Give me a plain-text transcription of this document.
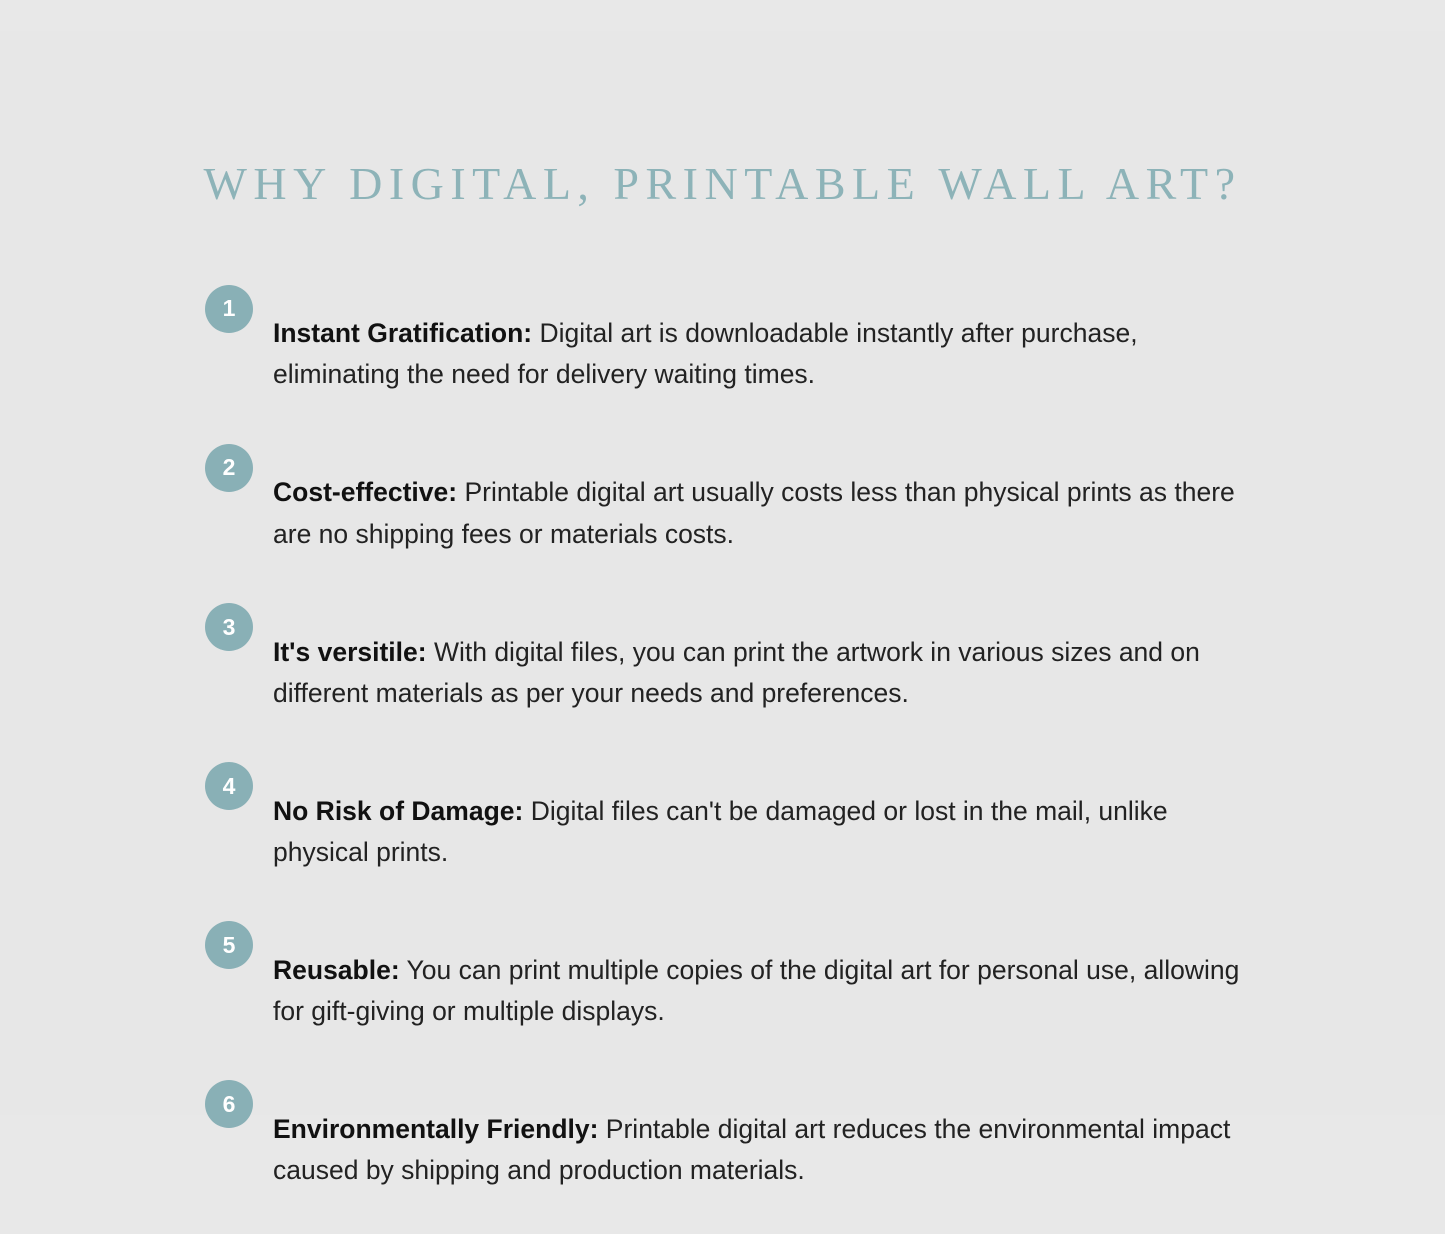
WHY DIGITAL, PRINTABLE WALL ART?
1

Instant Gratification: Digital art is downloadable instantly after purchase, eliminating the need for delivery waiting times.

2

Cost-effective: Printable digital art usually costs less than physical prints as there are no shipping fees or materials costs.

3

It's versitile: With digital files, you can print the artwork in various sizes and on different materials as per your needs and preferences.

4

No Risk of Damage: Digital files can't be damaged or lost in the mail, unlike physical prints.

5

Reusable: You can print multiple copies of the digital art for personal use, allowing for gift-giving or multiple displays.

6

Environmentally Friendly: Printable digital art reduces the environmental impact caused by shipping and production materials.
